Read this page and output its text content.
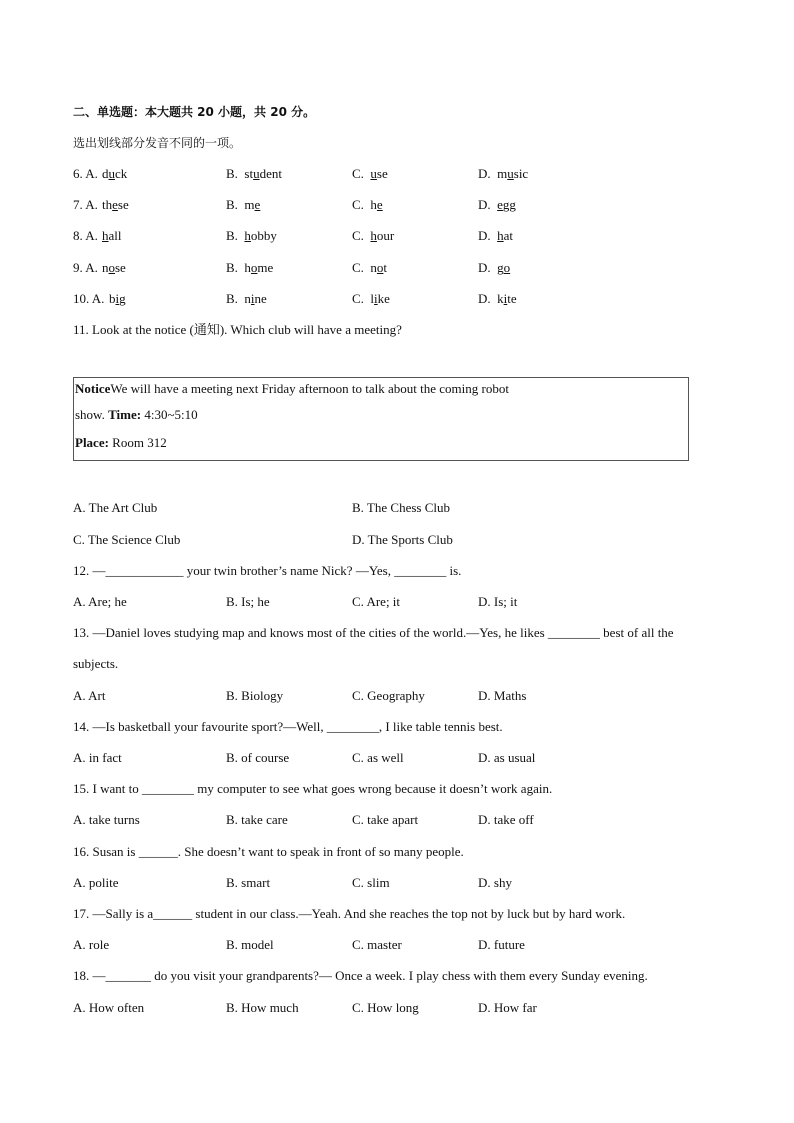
二、单选题：本大题共 20 小题，共 20 分。
选出划线部分发音不同的一项。
6. A. duck	B. student	C. use	D. music
7. A. these	B. me	C. he	D. egg
8. A. hall	B. hobby	C. hour	D. hat
9. A. nose	B. home	C. not	D. go
10. A. big	B. nine	C. like	D. kite
11. Look at the notice (通知). Which club will have a meeting?
NoticeWe will have a meeting next Friday afternoon to talk about the coming robot
show. Time: 4:30~5:10
Place: Room 312
A. The Art Club	B. The Chess Club
C. The Science Club	D. The Sports Club
12. —____________ your twin brother’s name Nick? —Yes, ________ is.
A. Are; he	B. Is; he	C. Are; it	D. Is; it
13. —Daniel loves studying map and knows most of the cities of the world.—Yes, he likes ________ best of all the
subjects.
A. Art	B. Biology	C. Geography	D. Maths
14. —Is basketball your favourite sport?—Well, ________, I like table tennis best.
A. in fact	B. of course	C. as well	D. as usual
15. I want to ________ my computer to see what goes wrong because it doesn’t work again.
A. take turns	B. take care	C. take apart	D. take off
16. Susan is ______. She doesn’t want to speak in front of so many people.
A. polite	B. smart	C. slim	D. shy
17. —Sally is a______ student in our class.—Yeah. And she reaches the top not by luck but by hard work.
A. role	B. model	C. master	D. future
18. —_______ do you visit your grandparents?— Once a week. I play chess with them every Sunday evening.
A. How often	B. How much	C. How long	D. How far
